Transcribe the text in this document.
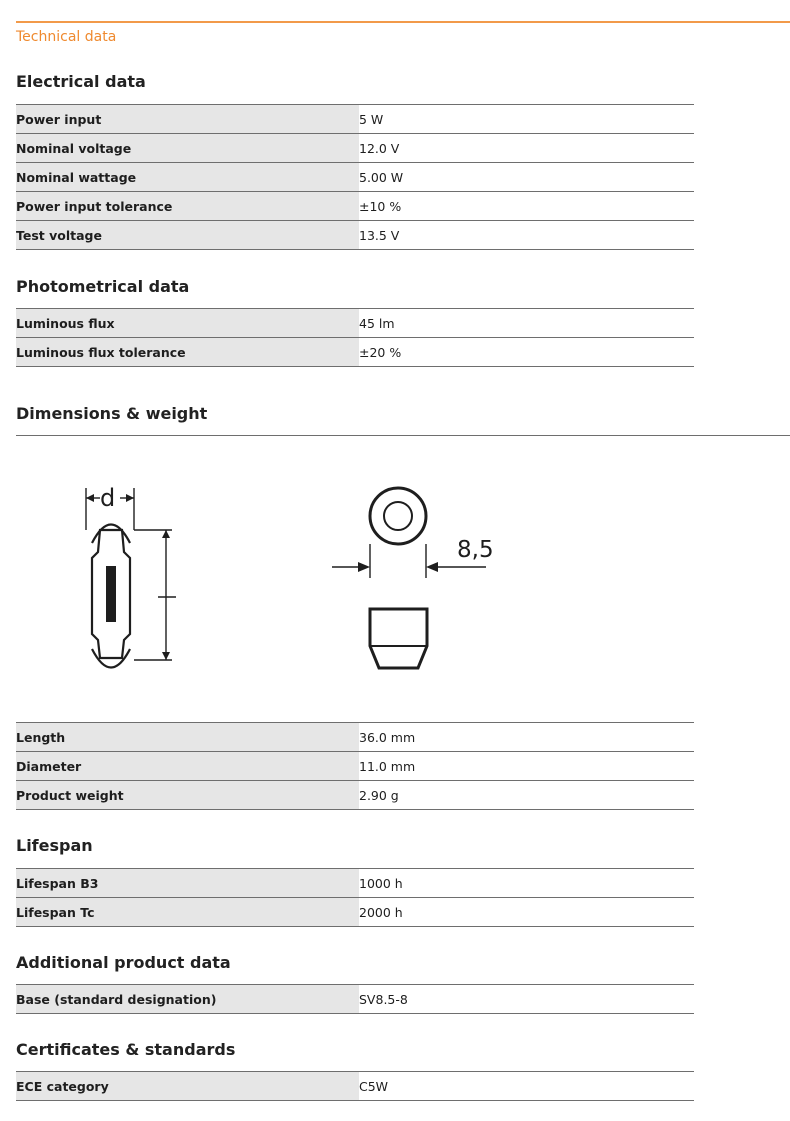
Technical data
Electrical data
Power input	5 W
Nominal voltage	12.0 V
Nominal wattage	5.00 W
Power input tolerance	±10 %
Test voltage	13.5 V
Photometrical data
Luminous flux	45 lm
Luminous flux tolerance	±20 %
Dimensions & weight
d
8,5
Length	36.0 mm
Diameter	11.0 mm
Product weight	2.90 g
Lifespan
Lifespan B3	1000 h
Lifespan Tc	2000 h
Additional product data
Base (standard designation)	SV8.5-8
Certificates & standards
ECE category	C5W
